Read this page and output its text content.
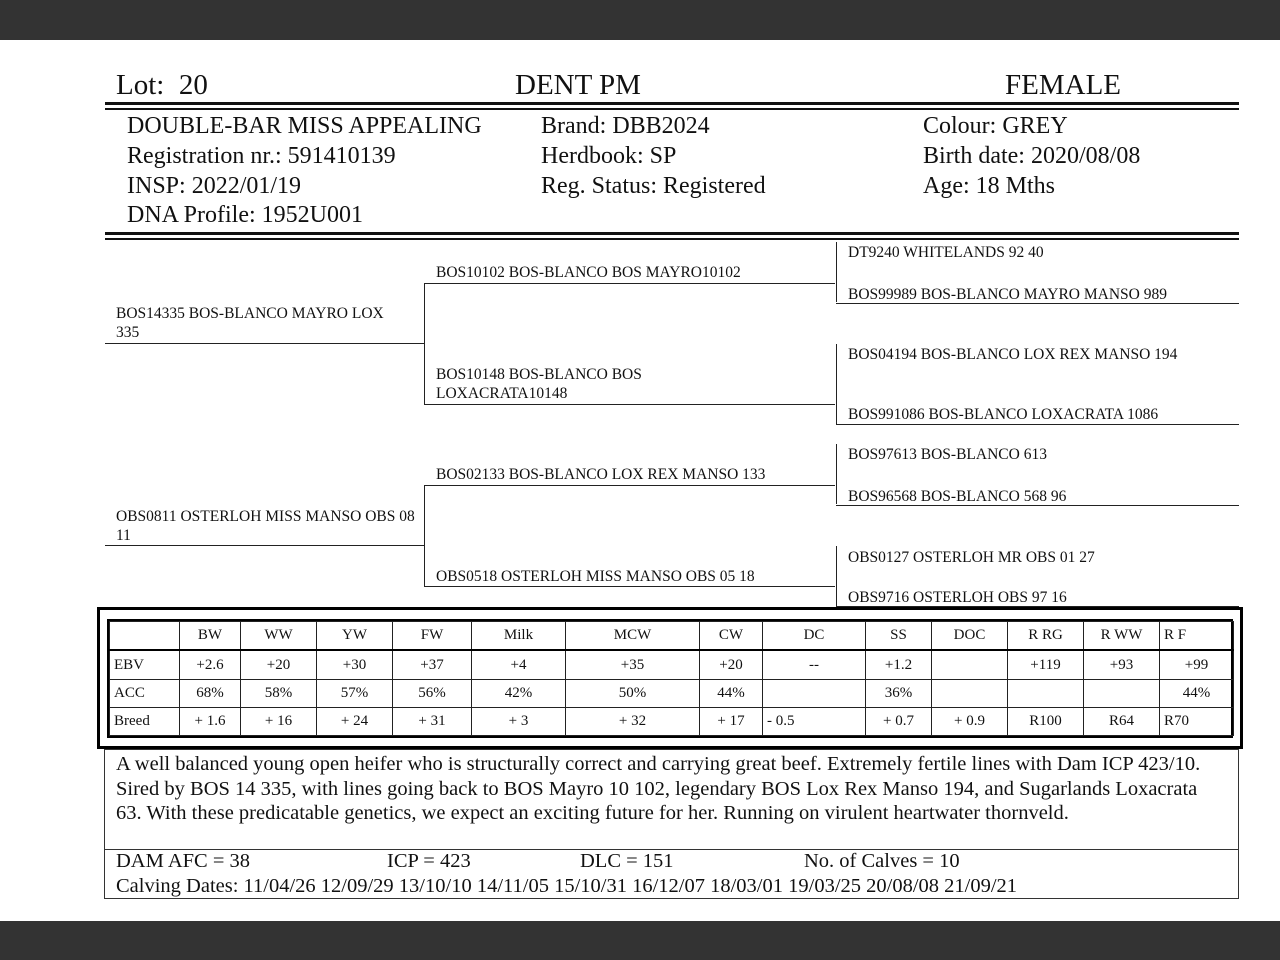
Lot: 20	DENT PM	FEMALE
DOUBLE-BAR MISS APPEALING
Registration nr.: 591410139
INSP: 2022/01/19
DNA Profile: 1952U001
Brand: DBB2024
Herdbook: SP
Reg. Status: Registered
Colour: GREY
Birth date: 2020/08/08
Age: 18 Mths
BOS14335 BOS-BLANCO MAYRO LOX 335
OBS0811 OSTERLOH MISS MANSO OBS 08 11
BOS10102 BOS-BLANCO BOS MAYRO10102
BOS10148 BOS-BLANCO BOS LOXACRATA10148
BOS02133 BOS-BLANCO LOX REX MANSO 133
OBS0518 OSTERLOH MISS MANSO OBS 05 18
DT9240 WHITELANDS 92 40
BOS99989 BOS-BLANCO MAYRO MANSO 989
BOS04194 BOS-BLANCO LOX REX MANSO 194
BOS991086 BOS-BLANCO LOXACRATA 1086
BOS97613 BOS-BLANCO 613
BOS96568 BOS-BLANCO 568 96
OBS0127 OSTERLOH MR OBS 01 27
OBS9716 OSTERLOH OBS 97 16
	BW	WW	YW	FW	Milk	MCW	CW	DC	SS	DOC	R RG	R WW	R F
EBV	+2.6	+20	+30	+37	+4	+35	+20	--	+1.2		+119	+93	+99
ACC	68%	58%	57%	56%	42%	50%	44%		36%				44%
Breed	+ 1.6	+ 16	+ 24	+ 31	+ 3	+ 32	+ 17	- 0.5	+ 0.7	+ 0.9	R100	R64	R70
A well balanced young open heifer who is structurally correct and carrying great beef. Extremely fertile lines with Dam ICP 423/10. Sired by BOS 14 335, with lines going back to BOS Mayro 10 102, legendary BOS Lox Rex Manso 194, and Sugarlands Loxacrata 63. With these predicatable genetics, we expect an exciting future for her. Running on virulent heartwater thornveld.
DAM AFC = 38	ICP = 423	DLC = 151	No. of Calves = 10
Calving Dates: 11/04/26 12/09/29 13/10/10 14/11/05 15/10/31 16/12/07 18/03/01 19/03/25 20/08/08 21/09/21
